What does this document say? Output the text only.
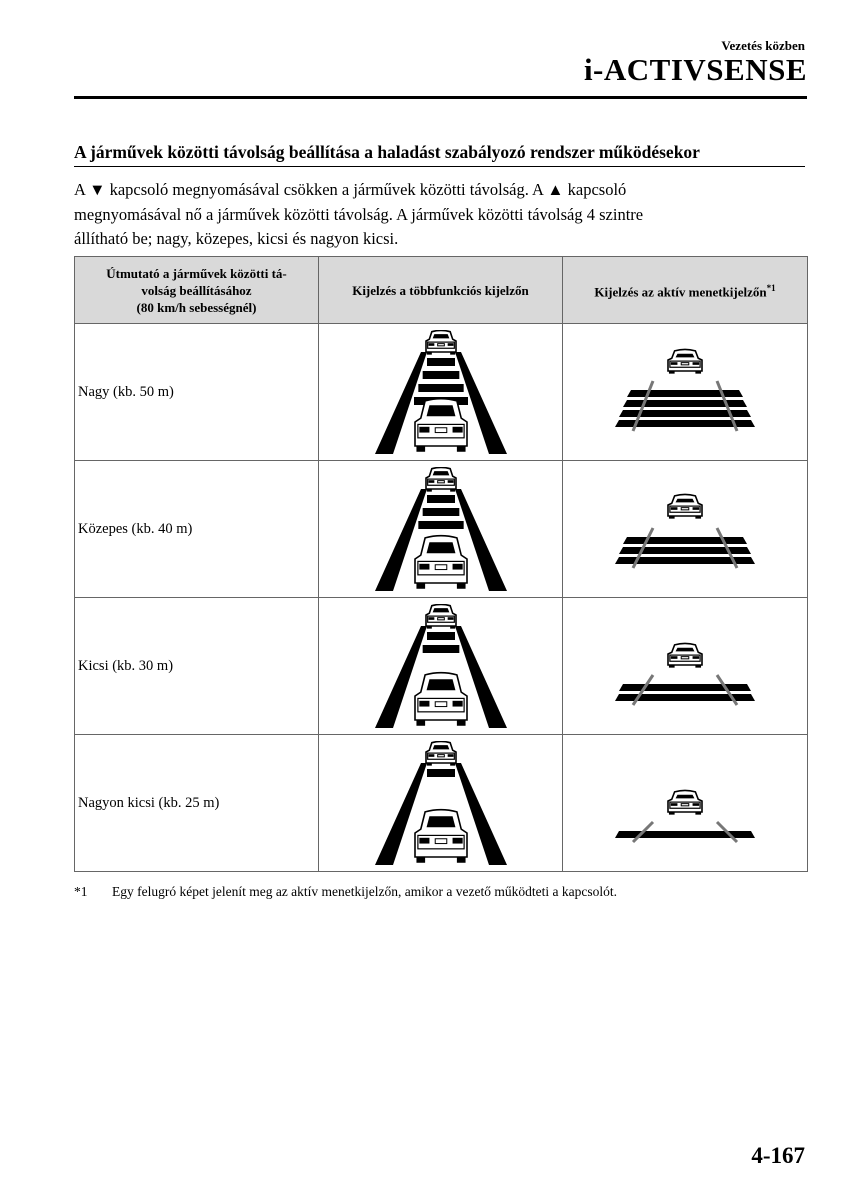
Vezetés közben
i-ACTIVSENSE
A járművek közötti távolság beállítása a haladást szabályozó rendszer működésekor
A ▼ kapcsoló megnyomásával csökken a járművek közötti távolság. A ▲ kapcsoló
megnyomásával nő a járművek közötti távolság. A járművek közötti távolság 4 szintre
állítható be; nagy, közepes, kicsi és nagyon kicsi.
Útmutató a járművek közötti tá-
volság beállításához
(80 km/h sebességnél)	Kijelzés a többfunkciós kijelzőn	Kijelzés az aktív menetkijelzőn$^{*1}$
Nagy (kb. 50 m)	

Közepes (kb. 40 m)	

Kicsi (kb. 30 m)	

Nagyon kicsi (kb. 25 m)	

*1 Egy felugró képet jelenít meg az aktív menetkijelzőn, amikor a vezető működteti a kapcsolót.
4-167
